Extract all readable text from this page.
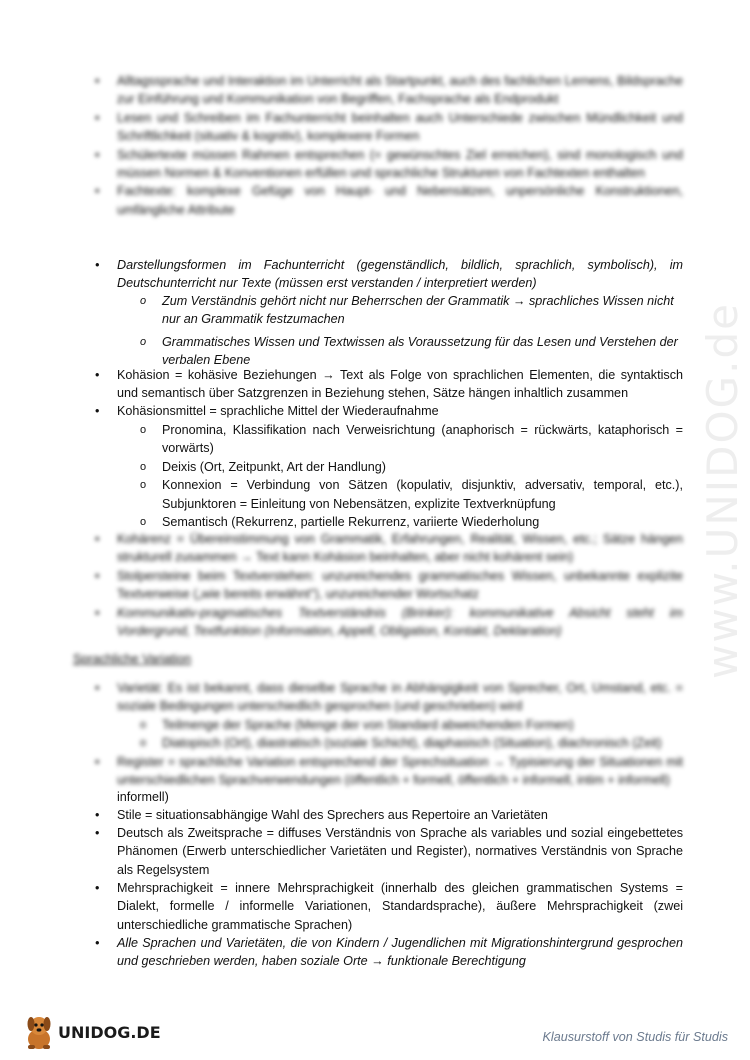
www.UNIDOG.de

• Alltagssprache und Interaktion im Unterricht als Startpunkt, auch des fachlichen Lernens, Bildsprache zur Einführung und Kommunikation von Begriffen, Fachsprache als Endprodukt

• Lesen und Schreiben im Fachunterricht beinhalten auch Unterschiede zwischen Mündlichkeit und Schriftlichkeit (situativ & kognitiv), komplexere Formen

• Schülertexte müssen Rahmen entsprechen (= gewünschtes Ziel erreichen), sind monologisch und müssen Normen & Konventionen erfüllen und sprachliche Strukturen von Fachtexten enthalten

• Fachtexte: komplexe Gefüge von Haupt- und Nebensätzen, unpersönliche Konstruktionen, umfängliche Attribute

• Darstellungsformen im Fachunterricht (gegenständlich, bildlich, sprachlich, symbolisch), im Deutschunterricht nur Texte (müssen erst verstanden / interpretiert werden)

o Zum Verständnis gehört nicht nur Beherrschen der Grammatik → sprachliches Wissen nicht nur an Grammatik festzumachen

o Grammatisches Wissen und Textwissen als Voraussetzung für das Lesen und Verstehen der verbalen Ebene

• Kohäsion = kohäsive Beziehungen → Text als Folge von sprachlichen Elementen, die syntaktisch und semantisch über Satzgrenzen in Beziehung stehen, Sätze hängen inhaltlich zusammen

• Kohäsionsmittel = sprachliche Mittel der Wiederaufnahme

o Pronomina, Klassifikation nach Verweisrichtung (anaphorisch = rückwärts, kataphorisch = vorwärts)

o Deixis (Ort, Zeitpunkt, Art der Handlung)

o Konnexion = Verbindung von Sätzen (kopulativ, disjunktiv, adversativ, temporal, etc.), Subjunktoren = Einleitung von Nebensätzen, explizite Textverknüpfung

o Semantisch (Rekurrenz, partielle Rekurrenz, variierte Wiederholung

• Kohärenz = Übereinstimmung von Grammatik, Erfahrungen, Realität, Wissen, etc.; Sätze hängen strukturell zusammen → Text kann Kohäsion beinhalten, aber nicht kohärent sein)

• Stolpersteine beim Textverstehen: unzureichendes grammatisches Wissen, unbekannte explizite Textverweise („wie bereits erwähnt"), unzureichender Wortschatz

• Kommunikativ-pragmatisches Textverständnis (Brinker): kommunikative Absicht steht im Vordergrund, Textfunktion (Information, Appell, Obligation, Kontakt, Deklaration)

Sprachliche Variation

• Varietät: Es ist bekannt, dass dieselbe Sprache in Abhängigkeit von Sprecher, Ort, Umstand, etc. = soziale Bedingungen unterschiedlich gesprochen (und geschrieben) wird

o Teilmenge der Sprache (Menge der von Standard abweichenden Formen)

o Diatopisch (Ort), diastratisch (soziale Schicht), diaphasisch (Situation), diachronisch (Zeit)

• Register = sprachliche Variation entsprechend der Sprechsituation → Typisierung der Situationen mit unterschiedlichen Sprachverwendungen (öffentlich + formell, öffentlich + informell, intim + informell)

informell)

• Stile = situationsabhängige Wahl des Sprechers aus Repertoire an Varietäten

• Deutsch als Zweitsprache = diffuses Verständnis von Sprache als variables und sozial eingebettetes Phänomen (Erwerb unterschiedlicher Varietäten und Register), normatives Verständnis von Sprache als Regelsystem

• Mehrsprachigkeit = innere Mehrsprachigkeit (innerhalb des gleichen grammatischen Systems = Dialekt, formelle / informelle Variationen, Standardsprache), äußere Mehrsprachigkeit (zwei unterschiedliche grammatische Sprachen)

• Alle Sprachen und Varietäten, die von Kindern / Jugendlichen mit Migrationshintergrund gesprochen und geschrieben werden, haben soziale Orte → funktionale Berechtigung

UNIDOG.DE	Klausurstoff von Studis für Studis
